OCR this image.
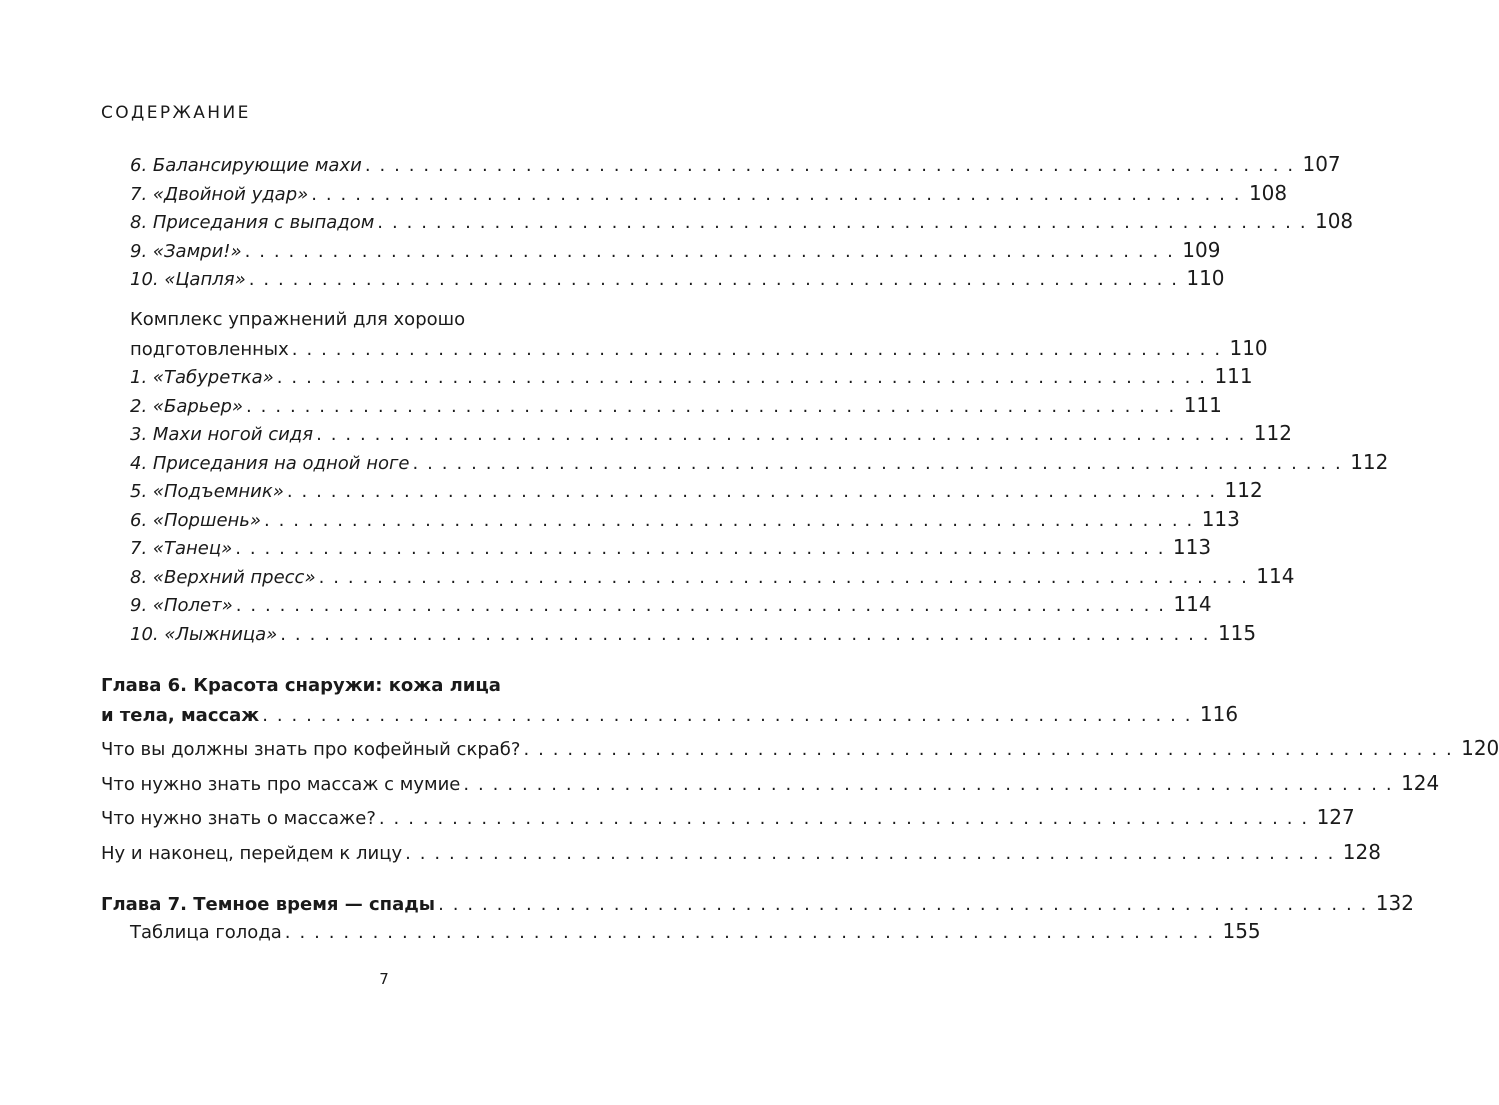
СОДЕРЖАНИЕ
6. Балансирующие махи . . . . . . . . . . . . . . . . . . . . . . . . . . . . . . . . . . . . . . . . . . . . . . . . . . . . . . . . . . . . . . . . 107
7. «Двойной удар» . . . . . . . . . . . . . . . . . . . . . . . . . . . . . . . . . . . . . . . . . . . . . . . . . . . . . . . . . . . . . . . . 108
8. Приседания с выпадом . . . . . . . . . . . . . . . . . . . . . . . . . . . . . . . . . . . . . . . . . . . . . . . . . . . . . . . . . . . . . . . . 108
9. «Замри!» . . . . . . . . . . . . . . . . . . . . . . . . . . . . . . . . . . . . . . . . . . . . . . . . . . . . . . . . . . . . . . . . 109
10. «Цапля» . . . . . . . . . . . . . . . . . . . . . . . . . . . . . . . . . . . . . . . . . . . . . . . . . . . . . . . . . . . . . . . . 110
Комплекс упражнений для хорошо
подготовленных . . . . . . . . . . . . . . . . . . . . . . . . . . . . . . . . . . . . . . . . . . . . . . . . . . . . . . . . . . . . . . . . 110
1. «Табуретка» . . . . . . . . . . . . . . . . . . . . . . . . . . . . . . . . . . . . . . . . . . . . . . . . . . . . . . . . . . . . . . . . 111
2. «Барьер» . . . . . . . . . . . . . . . . . . . . . . . . . . . . . . . . . . . . . . . . . . . . . . . . . . . . . . . . . . . . . . . . 111
3. Махи ногой сидя . . . . . . . . . . . . . . . . . . . . . . . . . . . . . . . . . . . . . . . . . . . . . . . . . . . . . . . . . . . . . . . . 112
4. Приседания на одной ноге . . . . . . . . . . . . . . . . . . . . . . . . . . . . . . . . . . . . . . . . . . . . . . . . . . . . . . . . . . . . . . . . 112
5. «Подъемник» . . . . . . . . . . . . . . . . . . . . . . . . . . . . . . . . . . . . . . . . . . . . . . . . . . . . . . . . . . . . . . . . 112
6. «Поршень» . . . . . . . . . . . . . . . . . . . . . . . . . . . . . . . . . . . . . . . . . . . . . . . . . . . . . . . . . . . . . . . . 113
7. «Танец» . . . . . . . . . . . . . . . . . . . . . . . . . . . . . . . . . . . . . . . . . . . . . . . . . . . . . . . . . . . . . . . . 113
8. «Верхний пресс» . . . . . . . . . . . . . . . . . . . . . . . . . . . . . . . . . . . . . . . . . . . . . . . . . . . . . . . . . . . . . . . . 114
9. «Полет» . . . . . . . . . . . . . . . . . . . . . . . . . . . . . . . . . . . . . . . . . . . . . . . . . . . . . . . . . . . . . . . . 114
10. «Лыжница» . . . . . . . . . . . . . . . . . . . . . . . . . . . . . . . . . . . . . . . . . . . . . . . . . . . . . . . . . . . . . . . . 115
Глава 6. Красота снаружи: кожа лица
и тела, массаж . . . . . . . . . . . . . . . . . . . . . . . . . . . . . . . . . . . . . . . . . . . . . . . . . . . . . . . . . . . . . . . . 116
Что вы должны знать про кофейный скраб? . . . . . . . . . . . . . . . . . . . . . . . . . . . . . . . . . . . . . . . . . . . . . . . . . . . . . . . . . . . . . . . . 120
Что нужно знать про массаж с мумие . . . . . . . . . . . . . . . . . . . . . . . . . . . . . . . . . . . . . . . . . . . . . . . . . . . . . . . . . . . . . . . . 124
Что нужно знать о массаже? . . . . . . . . . . . . . . . . . . . . . . . . . . . . . . . . . . . . . . . . . . . . . . . . . . . . . . . . . . . . . . . . 127
Ну и наконец, перейдем к лицу . . . . . . . . . . . . . . . . . . . . . . . . . . . . . . . . . . . . . . . . . . . . . . . . . . . . . . . . . . . . . . . . 128
Глава 7. Темное время — спады . . . . . . . . . . . . . . . . . . . . . . . . . . . . . . . . . . . . . . . . . . . . . . . . . . . . . . . . . . . . . . . . 132
Таблица голода . . . . . . . . . . . . . . . . . . . . . . . . . . . . . . . . . . . . . . . . . . . . . . . . . . . . . . . . . . . . . . . . 155
7
